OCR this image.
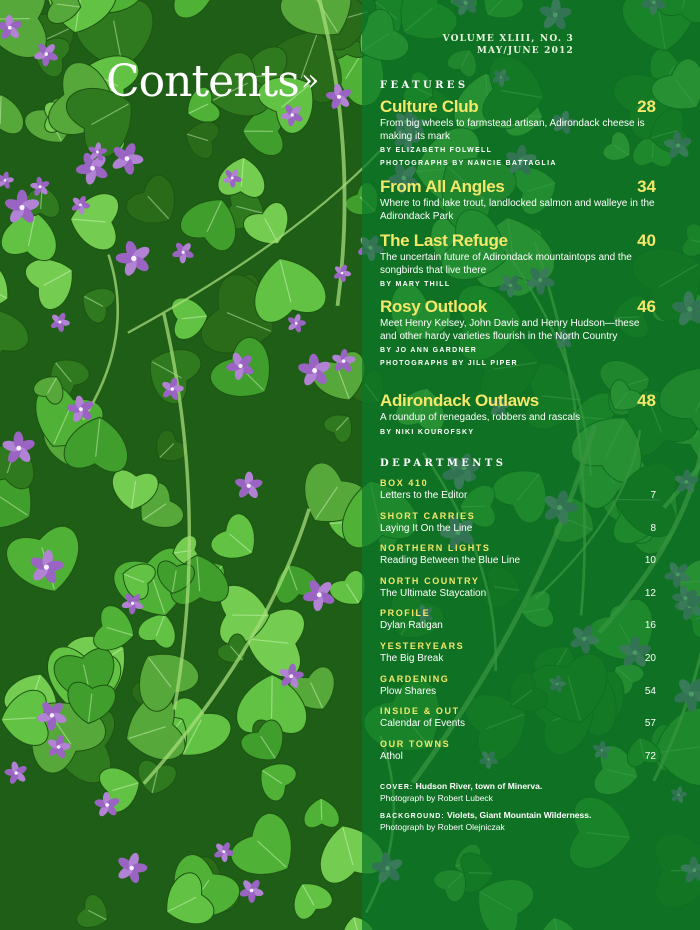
VOLUME XLIII, NO. 3
MAY/JUNE 2012
Contents»	FEATURES
Culture Club	28
From big wheels to farmstead artisan, Adirondack cheese is making its mark
BY ELIZABETH FOLWELL
PHOTOGRAPHS BY NANCIE BATTAGLIA
From All Angles	34
Where to find lake trout, landlocked salmon and walleye in the Adirondack Park
The Last Refuge	40
The uncertain future of Adirondack mountaintops and the songbirds that live there
BY MARY THILL
Rosy Outlook	46
Meet Henry Kelsey, John Davis and Henry Hudson—these and other hardy varieties flourish in the North Country
BY JO ANN GARDNER
PHOTOGRAPHS BY JILL PIPER
Adirondack Outlaws	48
A roundup of renegades, robbers and rascals
BY NIKI KOUROFSKY
DEPARTMENTS
BOX 410
Letters to the Editor	7
SHORT CARRIES
Laying It On the Line	8
NORTHERN LIGHTS
Reading Between the Blue Line	10
NORTH COUNTRY
The Ultimate Staycation	12
PROFILE
Dylan Ratigan	16
YESTERYEARS
The Big Break	20
GARDENING
Plow Shares	54
INSIDE & OUT
Calendar of Events	57
OUR TOWNS
Athol	72
COVER: Hudson River, town of Minerva.
Photograph by Robert Lubeck
BACKGROUND: Violets, Giant Mountain Wilderness.
Photograph by Robert Olejniczak
